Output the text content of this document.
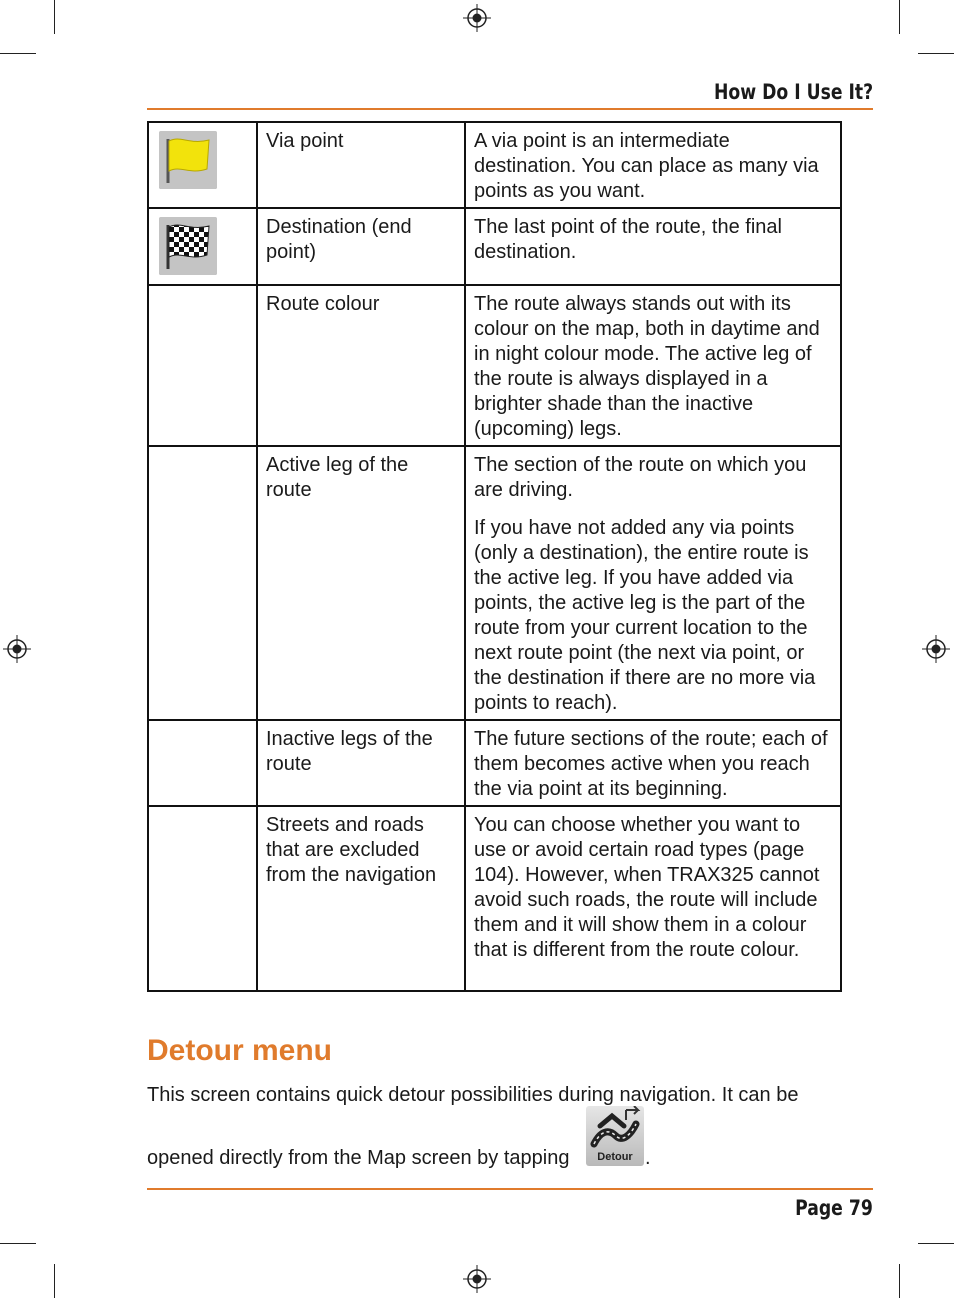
How Do I Use It?
	Via point	A via point is an intermediate destination. You can place as many via points as you want.

	Destination (end point)	The last point of the route, the final destination.

	Route colour	The route always stands out with its colour on the map, both in daytime and in night colour mode. The active leg of the route is always displayed in a brighter shade than the inactive (upcoming) legs.

	Active leg of the route	The section of the route on which you are driving.

If you have not added any via points (only a destination), the entire route is the active leg. If you have added via points, the active leg is the part of the route from your current location to the next route point (the next via point, or the destination if there are no more via points to reach).

	Inactive legs of the route	The future sections of the route; each of them becomes active when you reach the via point at its beginning.

	Streets and roads that are excluded from the navigation	You can choose whether you want to use or avoid certain road types (page 104). However, when TRAX325 cannot avoid such roads, the route will include them and it will show them in a colour that is different from the route colour.

Detour menu
This screen contains quick detour possibilities during navigation. It can be
opened directly from the Map screen by tapping	Detour .
Page 79
